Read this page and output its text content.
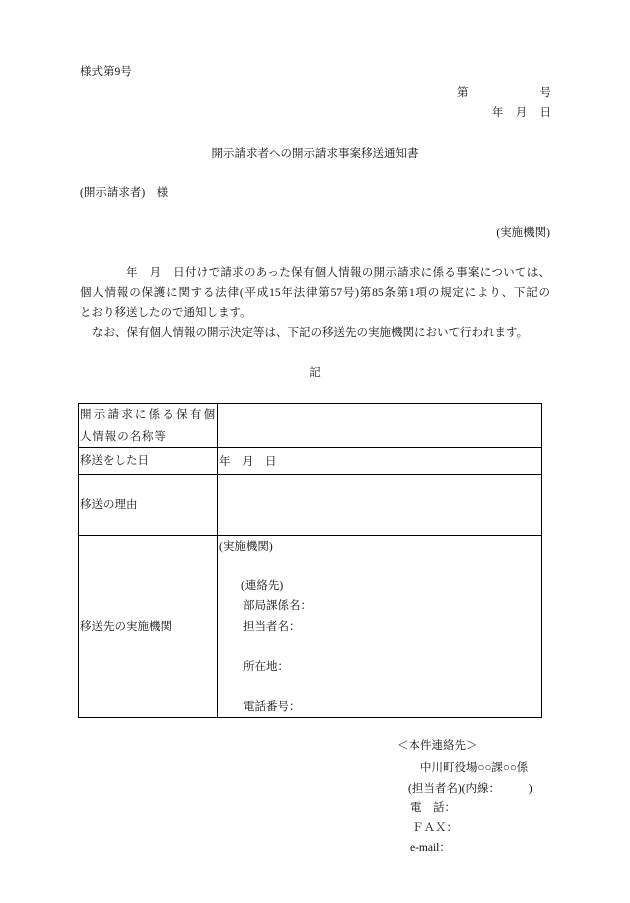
様式第9号
第	号
年 月 日
開示請求者への開示請求事案移送通知書
(開示請求者)　様
(実施機関)
年　月　日付けで請求のあった保有個人情報の開示請求に係る事案については、
個人情報の保護に関する法律(平成15年法律第57号)第85条第1項の規定により、下記の
とおり移送したので通知します。
なお、保有個人情報の開示決定等は、下記の移送先の実施機関において行われます。
記
開示請求に係る保有個人情報の名称等
移送をした日	年　月　日
移送の理由
移送先の実施機関
(実施機関)
(連絡先)
部局課係名：
担当者名：
所在地：
電話番号：
＜本件連絡先＞
中川町役場○○課○○係
(担当者名)(内線：　　　)
電　話：
ＦＡＸ：
e-mail：
